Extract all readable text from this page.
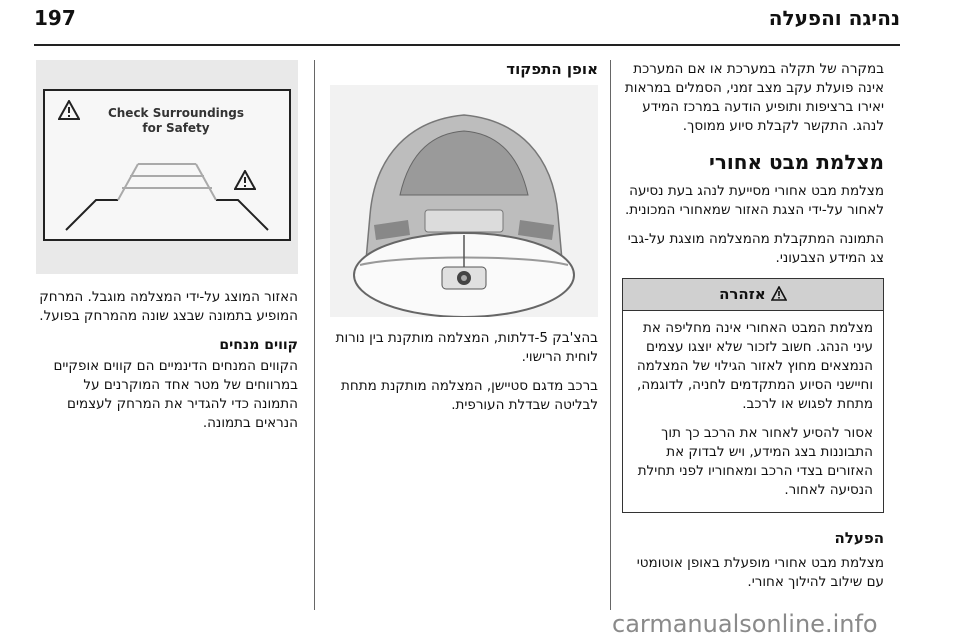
נהיגה והפעלה
197

במקרה של תקלה במערכת או אם המערכת אינה פועלת עקב מצב זמני, הסמלים במראות יאירו ברציפות ותופיע הודעה במרכז המידע לנהג. התקשר לקבלת סיוע ממוסך.

מצלמת מבט אחורי

מצלמת מבט אחורי מסייעת לנהג בעת נסיעה לאחור על-ידי הצגת האזור שמאחורי המכונית.

התמונה המתקבלת מהמצלמה מוצגת על-גבי צג המידע הצבעוני.

אזהרה

מצלמת המבט האחורי אינה מחליפה את עיני הנהג. חשוב לזכור שלא יוצגו עצמים הנמצאים מחוץ לאזור הגילוי של המצלמה וחיישני הסיוע המתקדמים לחניה, לדוגמה, מתחת לפגוש או לרכב.

אסור להסיע לאחור את הרכב כך תוך התבוננות בצג המידע, ויש לבדוק את האזורים בצדי הרכב ומאחוריו לפני תחילת הנסיעה לאחור.

הפעלה

מצלמת מבט אחורי מופעלת באופן אוטומטי עם שילוב להילוך אחורי.

אופן התפקוד

בהצ'בק 5-דלתות, המצלמה מותקנת בין נורות לוחית הרישוי.

ברכב מדגם סטיישן, המצלמה מותקנת מתחת לבליטה שבדלת העורפית.

Check Surroundings
for Safety

האזור המוצג על-ידי המצלמה מוגבל. המרחק המופיע בתמונה שבצג שונה מהמרחק בפועל.

קווים מנחים

הקווים המנחים הדינמיים הם קווים אופקיים במרווחים של מטר אחד המוקרנים על התמונה כדי להגדיר את המרחק לעצמים הנראים בתמונה.

carmanualsonline.info
